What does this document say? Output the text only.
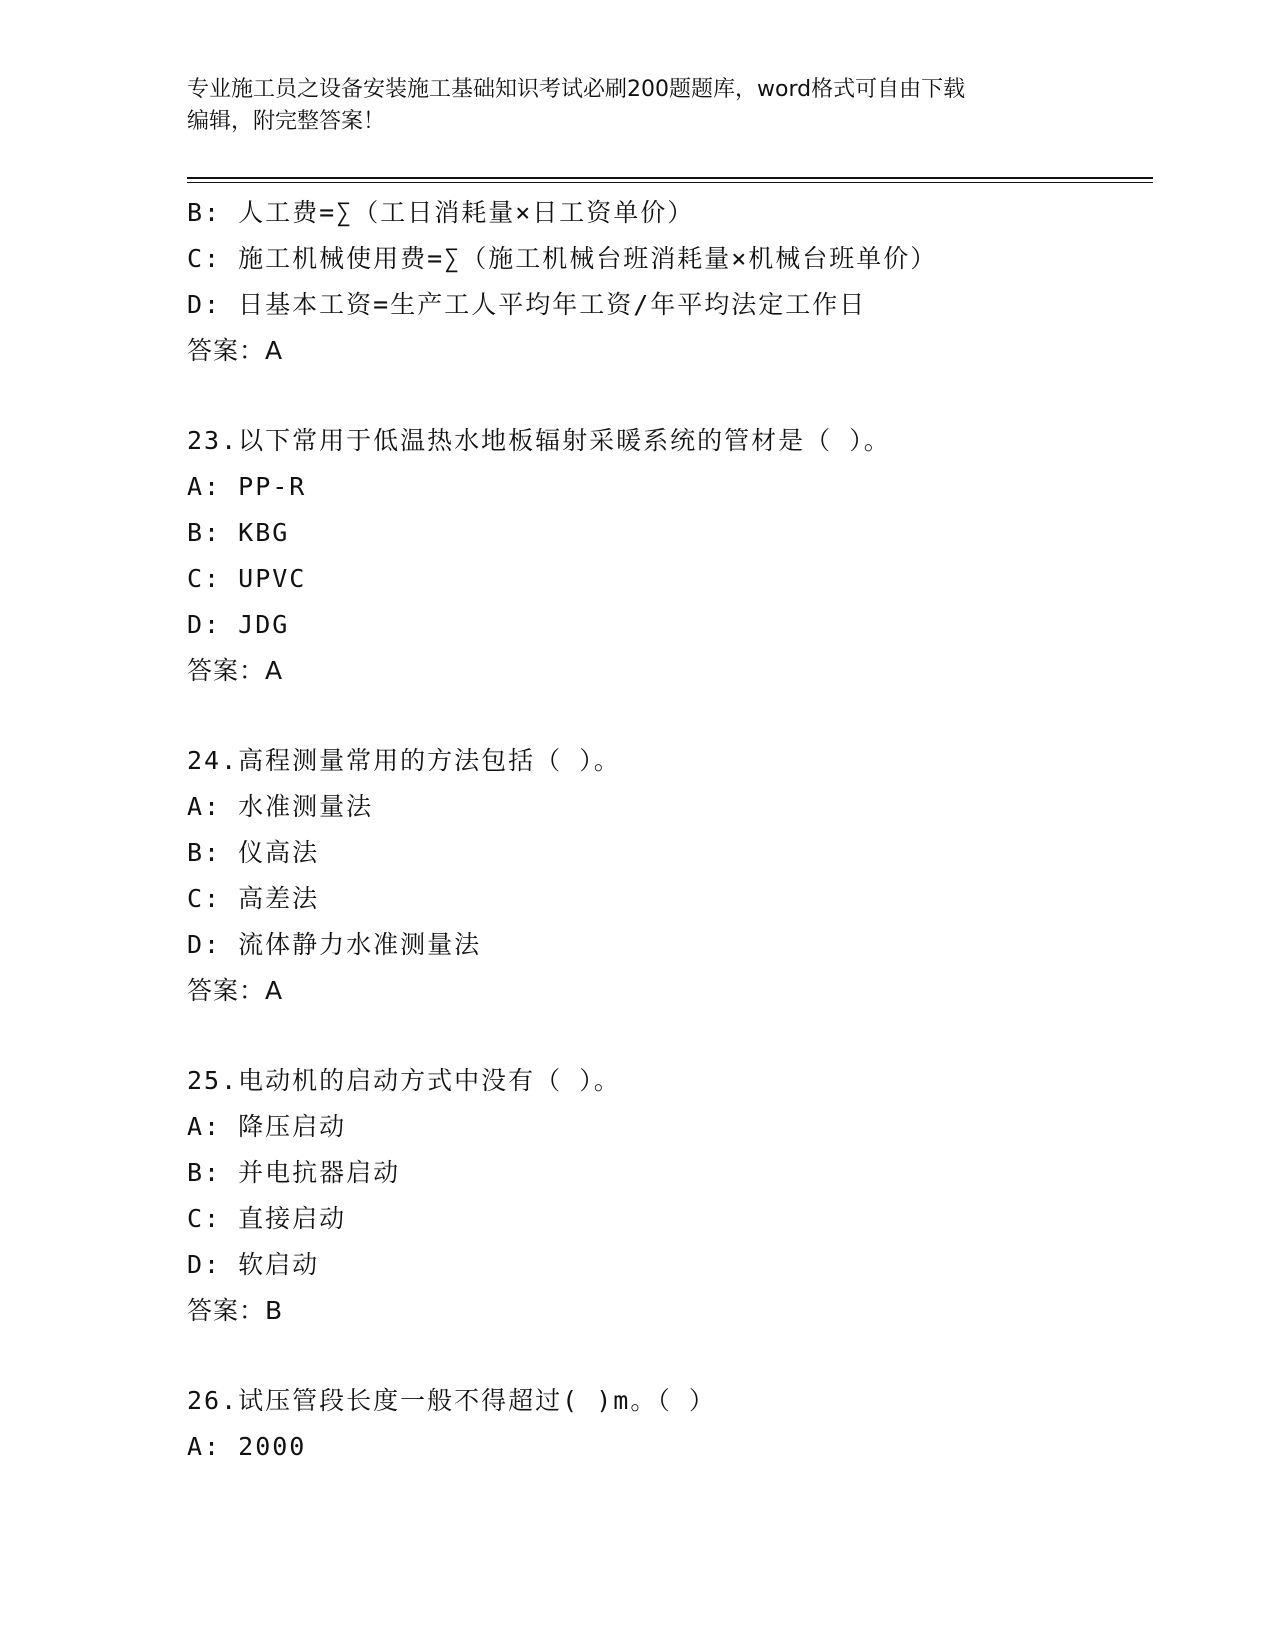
专业施工员之设备安装施工基础知识考试必刷200题题库，word格式可自由下载
编辑，附完整答案！
B: 人工费=∑（工日消耗量×日工资单价）
C: 施工机械使用费=∑（施工机械台班消耗量×机械台班单价）
D: 日基本工资=生产工人平均年工资/年平均法定工作日
答案：A
23.以下常用于低温热水地板辐射采暖系统的管材是（ ）。
A: PP-R
B: KBG
C: UPVC
D: JDG
答案：A
24.高程测量常用的方法包括（ ）。
A: 水准测量法
B: 仪高法
C: 高差法
D: 流体静力水准测量法
答案：A
25.电动机的启动方式中没有（ ）。
A: 降压启动
B: 并电抗器启动
C: 直接启动
D: 软启动
答案：B
26.试压管段长度一般不得超过( )m。（ ）
A: 2000
